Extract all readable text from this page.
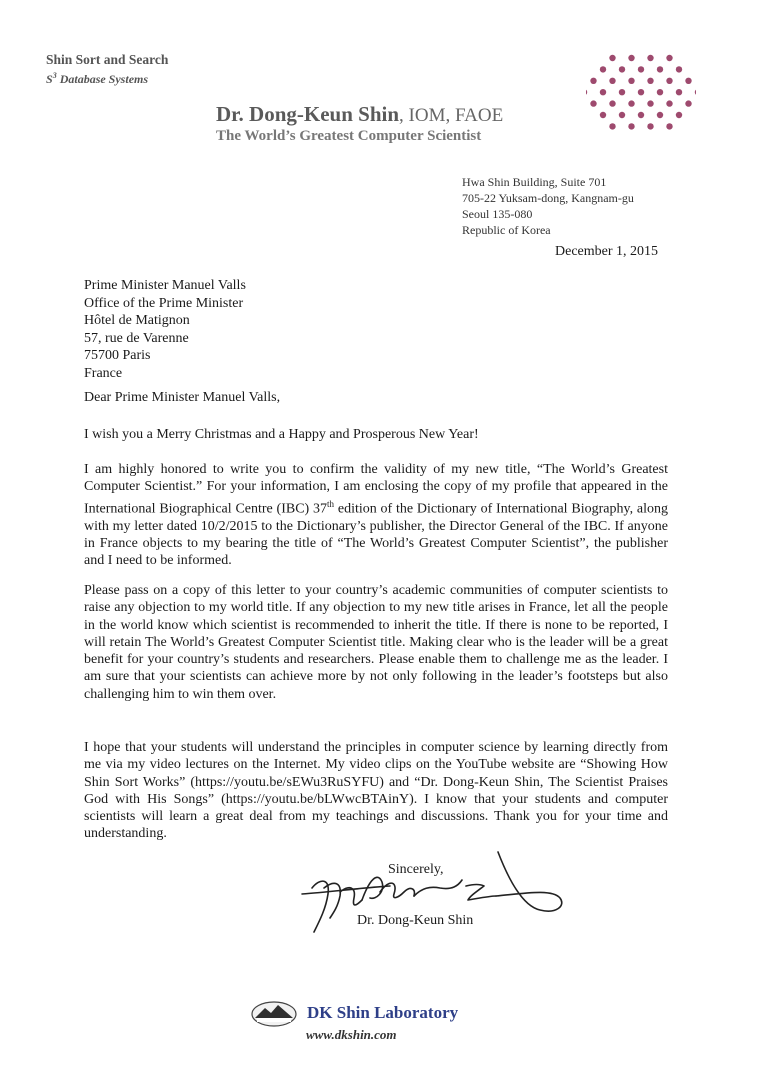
Shin Sort and Search
$S^3$ Database Systems
Dr. Dong-Keun Shin, IOM, FAOE
The World’s Greatest Computer Scientist
Hwa Shin Building, Suite 701
705-22 Yuksam-dong, Kangnam-gu
Seoul 135-080
Republic of Korea
December 1, 2015
Prime Minister Manuel Valls
Office of the Prime Minister
Hôtel de Matignon
57, rue de Varenne
75700 Paris
France
Dear Prime Minister Manuel Valls,

I wish you a Merry Christmas and a Happy and Prosperous New Year!

I am highly honored to write you to confirm the validity of my new title, “The World’s Greatest Computer Scientist.” For your information, I am enclosing the copy of my profile that appeared in the International Biographical Centre (IBC) 37th edition of the Dictionary of International Biography, along with my letter dated 10/2/2015 to the Dictionary’s publisher, the Director General of the IBC. If anyone in France objects to my bearing the title of “The World’s Greatest Computer Scientist”, the publisher and I need to be informed.

Please pass on a copy of this letter to your country’s academic communities of computer scientists to raise any objection to my world title. If any objection to my new title arises in France, let all the people in the world know which scientist is recommended to inherit the title. If there is none to be reported, I will retain The World’s Greatest Computer Scientist title. Making clear who is the leader will be a great benefit for your country’s students and researchers. Please enable them to challenge me as the leader. I am sure that your scientists can achieve more by not only following in the leader’s footsteps but also challenging him to win them over.

I hope that your students will understand the principles in computer science by learning directly from me via my video lectures on the Internet. My video clips on the YouTube website are “Showing How Shin Sort Works” (https://youtu.be/sEWu3RuSYFU) and “Dr. Dong-Keun Shin, The Scientist Praises God with His Songs” (https://youtu.be/bLWwcBTAinY). I know that your students and computer scientists will learn a great deal from my teachings and discussions. Thank you for your time and understanding.

Sincerely,
Dr. Dong-Keun Shin
DK Shin Laboratory
www.dkshin.com
